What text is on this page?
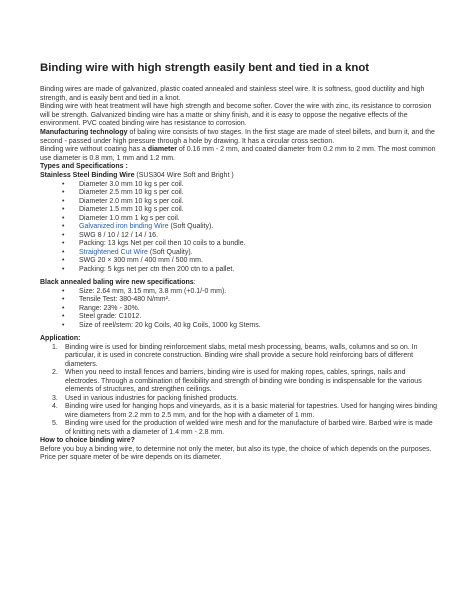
Binding wire with high strength easily bent and tied in a knot

Binding wires are made of galvanized, plastic coated annealed and stainless steel wire. It is softness, good ductility and high strength, and is easily bent and tied in a knot.

Binding wire with heat treatment will have high strength and become softer. Cover the wire with zinc, its resistance to corrosion will be strength. Galvanized binding wire has a matte or shiny finish, and it is easy to oppose the negative effects of the environment. PVC coated binding wire has resistance to corrosion.

Manufacturing technology of baling wire consists of two stages. In the first stage are made of steel billets, and burn it, and the second - passed under high pressure through a hole by drawing. It has a circular cross section.

Binding wire without coating has a diameter of 0.16 mm - 2 mm, and coated diameter from 0.2 mm to 2 mm. The most common use diameter is 0.8 mm, 1 mm and 1.2 mm.

Types and Specifications :

Stainless Steel Binding Wire (SUS304 Wire Soft and Bright )

• Diameter 3.0 mm 10 kg s per coil.
• Diameter 2.5 mm 10 kg s per coil.
• Diameter 2.0 mm 10 kg s per coil.
• Diameter 1.5 mm 10 kg s per coil.
• Diameter 1.0 mm 1 kg s per coil.
• Galvanized iron binding Wire (Soft Quality).
• SWG 8 / 10 / 12 / 14 / 16.
• Packing: 13 kgs Net per coil then 10 coils to a bundle.
• Straightened Cut Wire (Soft Quality).
• SWG 20 × 300 mm / 400 mm / 500 mm.
• Packing: 5 kgs net per ctn then 200 ctn to a pallet.

Black annealed baling wire new specifications:

• Size: 2.64 mm, 3.15 mm, 3.8 mm (+0.1/-0 mm).
• Tensile Test: 380-480 N/mm².
• Range: 23% - 30%.
• Steel grade: C1012.
• Size of reel/stem: 20 kg Coils, 40 kg Coils, 1000 kg Stems.

Application:

1. Binding wire is used for binding reinforcement slabs, metal mesh processing, beams, walls, columns and so on. In particular, it is used in concrete construction. Binding wire shall provide a secure hold reinforcing bars of different diameters.
2. When you need to install fences and barriers, binding wire is used for making ropes, cables, springs, nails and electrodes. Through a combination of flexibility and strength of binding wire bonding is indispensable for the various elements of structures, and strengthen ceilings.
3. Used in various industries for packing finished products.
4. Binding wire used for hanging hops and vineyards, as it is a basic material for tapestries. Used for hanging wires binding wire diameters from 2.2 mm to 2.5 mm, and for the hop with a diameter of 1 mm.
5. Binding wire used for the production of welded wire mesh and for the manufacture of barbed wire. Barbed wire is made of knitting nets with a diameter of 1.4 mm - 2.8 mm.

How to choice binding wire?

Before you buy a binding wire, to determine not only the meter, but also its type, the choice of which depends on the purposes. Price per square meter of be wire depends on its diameter.
